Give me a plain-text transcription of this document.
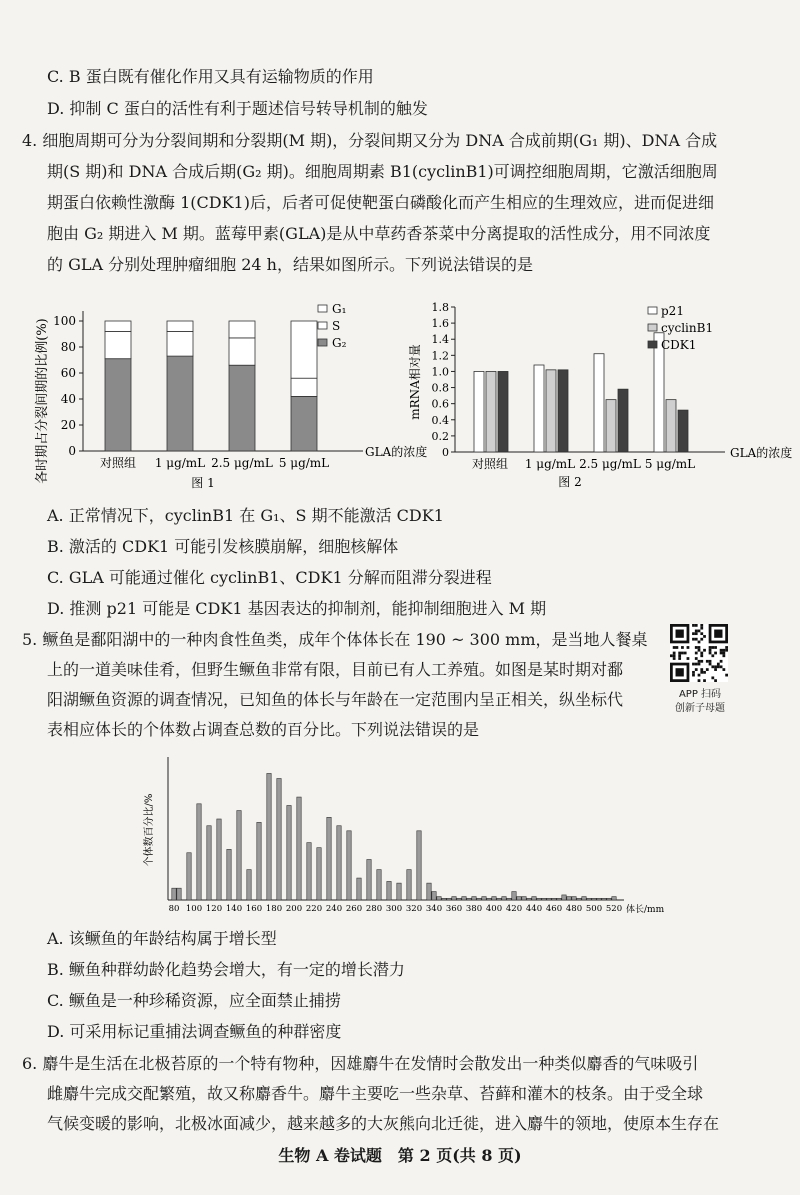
C. B 蛋白既有催化作用又具有运输物质的作用
D. 抑制 C 蛋白的活性有利于题述信号转导机制的触发
4. 细胞周期可分为分裂间期和分裂期(M 期)，分裂间期又分为 DNA 合成前期(G₁ 期)、DNA 合成
期(S 期)和 DNA 合成后期(G₂ 期)。细胞周期素 B1(cyclinB1)可调控细胞周期，它激活细胞周
期蛋白依赖性激酶 1(CDK1)后，后者可促使靶蛋白磷酸化而产生相应的生理效应，进而促进细
胞由 G₂ 期进入 M 期。蓝莓甲素(GLA)是从中草药香茶菜中分离提取的活性成分，用不同浓度
的 GLA 分别处理肿瘤细胞 24 h，结果如图所示。下列说法错误的是
各时期占分裂间期的比例(%) 0
20
40
60
80
100
对照组 1 μg/mL 2.5 μg/mL 5 μg/mL
GLA的浓度
图 1
G₁
S
G₂
mRNA相对量
0
0.2
0.4
0.6
0.8
1.0
1.2
1.4
1.6
1.8
对照组 1 μg/mL 2.5 μg/mL 5 μg/mL
GLA的浓度
图 2
p21
cyclinB1
CDK1
A. 正常情况下，cyclinB1 在 G₁、S 期不能激活 CDK1
B. 激活的 CDK1 可能引发核膜崩解，细胞核解体
C. GLA 可能通过催化 cyclinB1、CDK1 分解而阻滞分裂进程
D. 推测 p21 可能是 CDK1 基因表达的抑制剂，能抑制细胞进入 M 期
5. 鳜鱼是鄱阳湖中的一种肉食性鱼类，成年个体体长在 190 ~ 300 mm，是当地人餐桌
上的一道美味佳肴，但野生鳜鱼非常有限，目前已有人工养殖。如图是某时期对鄱
阳湖鳜鱼资源的调查情况，已知鱼的体长与年龄在一定范围内呈正相关，纵坐标代
表相应体长的个体数占调查总数的百分比。下列说法错误的是
APP 扫码
创新子母题
个体数百分比/%
80 100 120 140 160 180 200 220 240 260 280 300 320 340 360 380 400 420 440 460 480 500 520 体长/mm
A. 该鳜鱼的年龄结构属于增长型
B. 鳜鱼种群幼龄化趋势会增大，有一定的增长潜力
C. 鳜鱼是一种珍稀资源，应全面禁止捕捞
D. 可采用标记重捕法调查鳜鱼的种群密度
6. 麝牛是生活在北极苔原的一个特有物种，因雄麝牛在发情时会散发出一种类似麝香的气味吸引
雌麝牛完成交配繁殖，故又称麝香牛。麝牛主要吃一些杂草、苔藓和灌木的枝条。由于受全球
气候变暖的影响，北极冰面减少，越来越多的大灰熊向北迁徙，进入麝牛的领地，使原本生存在
生物 A 卷试题　第 2 页(共 8 页)
